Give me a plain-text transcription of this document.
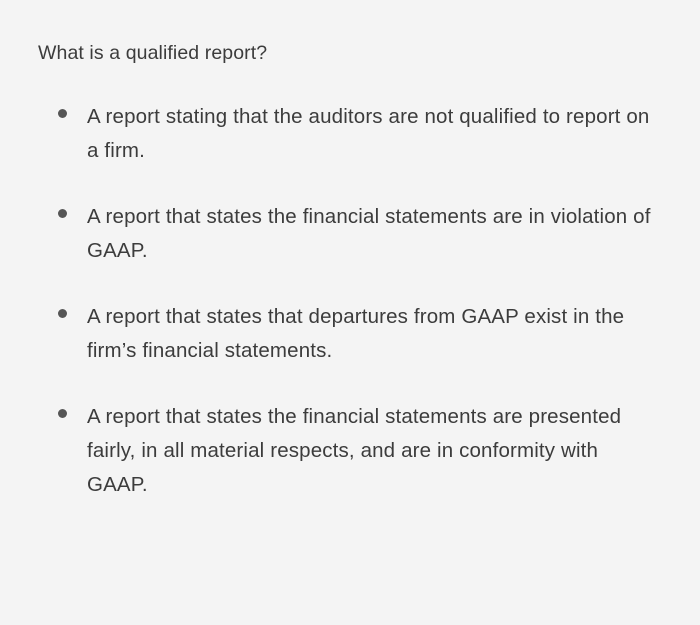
What is a qualified report?

A report stating that the auditors are not qualified to report on a firm.
A report that states the financial statements are in violation of GAAP.
A report that states that departures from GAAP exist in the firm’s financial statements.
A report that states the financial statements are presented fairly, in all material respects, and are in conformity with GAAP.
